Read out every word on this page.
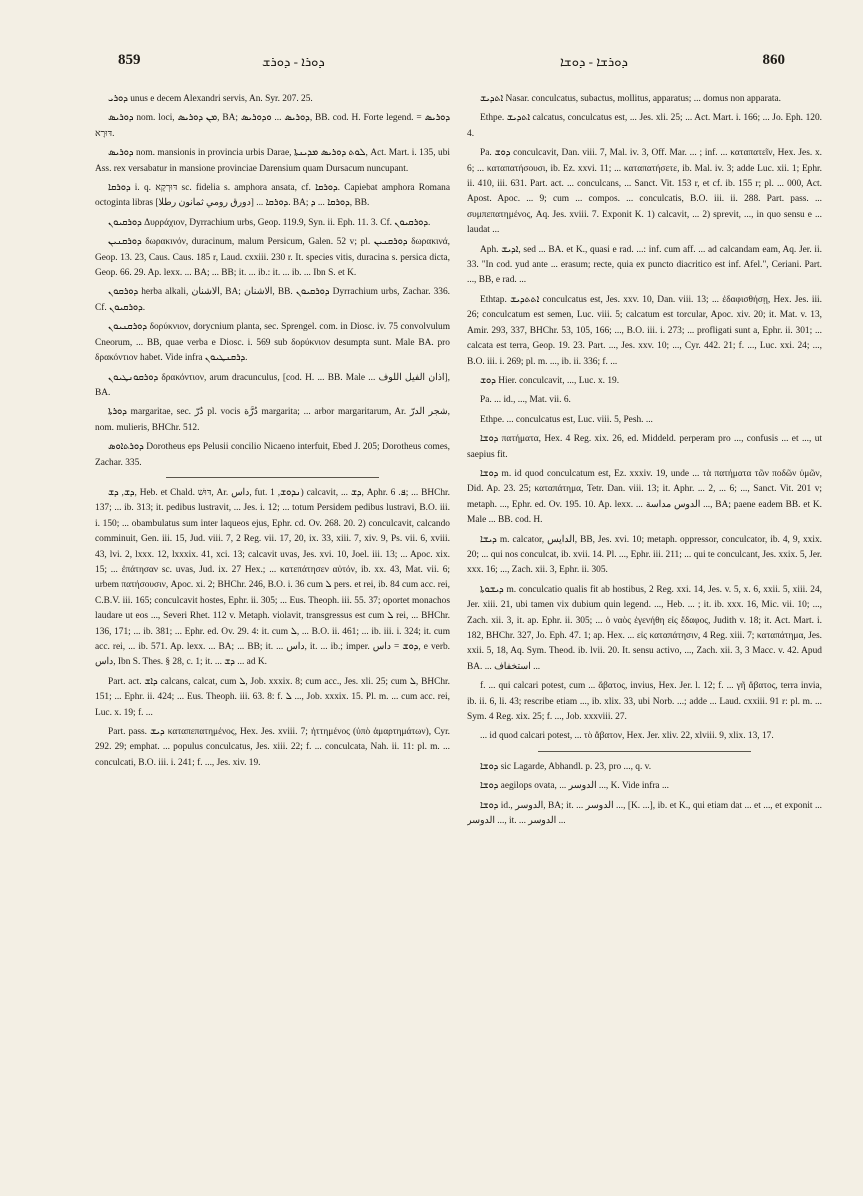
859	ܕܘܪܐ - ܕܘܪܫ	ܕܘܪܫܐ - ܕܘܫܐ	860

ܕܘܪܝ unus e decem Alexandri servis, An. Syr. 207. 25.

ܕܘܪܝܣ nom. loci, ܡܢ ܕܘܪܝܣ, BA; ܕܘܪܝܣ ... ܘܕܘܪܝܣ, BB. cod. H. Forte legend. ܕܘܪܝܣ = דּוּרָא.

ܕܘܪܝܣ nom. mansionis in provincia urbis Darae, ܠܘܬ ܕܘܪܝܣ ܡܕܝܢܬܐ, Act. Mart. i. 135, ubi Ass. rex versabatur in mansione provinciae Darensium quam Dursacum nuncupant.

ܕܘܪܩܐ i. q. דּוּרְקָא sc. fidelia s. amphora ansata, cf. ܕܘܪܩܐ. Capiebat amphora Romana octoginta libras ܕܘܪܩܐ ... [دورق رومي ثمانون رطلا]. BA; ܕܘܪܩܐ ... ܕ, BB.

ܕܘܪܩܝܘܢ Δυρράχιον, Dyrrachium urbs, Geop. 119.9, Syn. ii. Eph. 11. 3. Cf. ܕܘܪܩܝܘܢ.

ܕܘܪܩܢܝܢ δωρακινόν, duracinum, malum Persicum, Galen. 52 v; pl. ܕܘܪܩܢܝܢ δωρακινά, Geop. 13. 23, Caus. Caus. 185 r, Laud. cxxiii. 230 r. It. species vitis, duracina s. persica dicta, Geop. 66. 29. Ap. lexx. ... BA; ... BB; it. ... ib.: it. ... ib. ... Ibn S. et K.

ܕܘܪܩܘܢ herba alkali, الاشنان, BA; الاشنان, BB. ܕܘܪܩܝܘܢ Dyrrachium urbs, Zachar. 336. Cf. ܕܘܪܩܝܘܢ.

ܕܘܪܩܢܝܘܢ δορύκνιον, dorycnium planta, sec. Sprengel. com. in Diosc. iv. 75 convolvulum Cneorum, ... BB, quae verba e Diosc. i. 569 sub δορύκνιον desumpta sunt. Male BA. pro δρακόντιον habet. Vide infra ܕܪܩܢܛܝܘܢ.

ܕܘܪܩܘܢܛܝܘܢ δρακόντιον, arum dracunculus, [cod. H. ... BB. Male ... اذان الفيل اللوف], BA.

ܕܘܪܬܐ margaritae, sec. دُرّ pl. vocis دُرَّة margarita; ... arbor margaritarum, Ar. شجر الدرّ, nom. mulieris, BHChr. 512.

ܕܘܪܬܐܘܣ Dorotheus eps Pelusii concilio Nicaeno interfuit, Ebed J. 205; Dorotheus comes, Zachar. 335.

ܕܫ, ܕܫ, Heb. et Chald. דּוּשׁ, Ar. داس, fut. ܢܕܘܫ, 1) calcavit, ... ܕܫ, Aphr. ܦ. 6; ... BHChr. 137; ... ib. 313; it. pedibus lustravit, ... Jes. i. 12; ... totum Persidem pedibus lustravi, B.O. iii. i. 150; ... obambulatus sum inter laqueos ejus, Ephr. cd. Ov. 268. 20. 2) conculcavit, calcando comminuit, Gen. iii. 15, Jud. viii. 7, 2 Reg. vii. 17, 20, ix. 33, xiii. 7, xiv. 9, Ps. vii. 6, xviii. 43, lvi. 2, lxxx. 12, lxxxix. 41, xci. 13; calcavit uvas, Jes. xvi. 10, Joel. iii. 13; ... Apoc. xix. 15; ... ἐπάτησαν sc. uvas, Jud. ix. 27 Hex.; ... κατεπάτησεν αὐτόν, ib. xx. 43, Mat. vii. 6; urbem πατήσουσιν, Apoc. xi. 2; BHChr. 246, B.O. i. 36 cum ܠ pers. et rei, ib. 84 cum acc. rei, C.B.V. iii. 165; conculcavit hostes, Ephr. ii. 305; ... Eus. Theoph. iii. 55. 37; oportet monachos laudare ut eos ..., Severi Rhet. 112 v. Metaph. violavit, transgressus est cum ܠ rei, ... BHChr. 136, 171; ... ib. 381; ... Ephr. ed. Ov. 29. 4: it. cum ܠ, ... B.O. ii. 461; ... ib. iii. i. 324; it. cum acc. rei, ... ib. 571. Ap. lexx. ... BA; ... BB; it. ... داس, it. ... ib.; imper. ܕܘܫ = داس, e verb. داس, Ibn S. Thes. § 28, c. 1; it. ... ܕܫ ... ad K.

Part. act. ܕܐܫ calcans, calcat, cum ܠ, Job. xxxix. 8; cum acc., Jes. xli. 25; cum ܠ, BHChr. 151; ... Ephr. ii. 424; ... Eus. Theoph. iii. 63. 8: f. ܠ ..., Job. xxxix. 15. Pl. m. ... cum acc. rei, Luc. x. 19; f. ...

Part. pass. ܕܝܫ καταπεπατημένος, Hex. Jes. xviii. 7; ἡττημένος (ὑπὸ ἁμαρτημάτων), Cyr. 292. 29; emphat. ... populus conculcatus, Jes. xiii. 22; f. ... conculcata, Nah. ii. 11: pl. m. ... conculcati, B.O. iii. i. 241; f. ..., Jes. xiv. 19.

ܐܬܕܝܫ Nasar. conculcatus, subactus, mollitus, apparatus; ... domus non apparata.

Ethpe. ܐܬܕܝܫ calcatus, conculcatus est, ... Jes. xli. 25; ... Act. Mart. i. 166; ... Jo. Eph. 120. 4.

Pa. ܕܘܫ conculcavit, Dan. viii. 7, Mal. iv. 3, Off. Mar. ... ; inf. ... καταπατεῖν, Hex. Jes. x. 6; ... καταπατήσουσι, ib. Ez. xxvi. 11; ... καταπατήσετε, ib. Mal. iv. 3; adde Luc. xii. 1; Ephr. ii. 410, iii. 631. Part. act. ... conculcans, ... Sanct. Vit. 153 r, et cf. ib. 155 r; pl. ... 000, Act. Apost. Apoc. ... 9; cum ... compos. ... conculcatis, B.O. iii. ii. 288. Part. pass. ... συμπεπατημένος, Aq. Jes. xviii. 7. Exponit K. 1) calcavit, ... 2) sprevit, ..., in quo sensu e ... laudat ...

Aph. ܐܕܝܫ, sed ... BA. et K., quasi e rad. ...: inf. cum aff. ... ad calcandam eam, Aq. Jer. ii. 33. "In cod. yud ante ... erasum; recte, quia ex puncto diacritico est inf. Afel.", Ceriani. Part. ..., BB, e rad. ...

Ethtap. ܐܬܬܕܝܫ conculcatus est, Jes. xxv. 10, Dan. viii. 13; ... ἐδαφισθήσῃ, Hex. Jes. iii. 26; conculcatum est semen, Luc. viii. 5; calcatum est torcular, Apoc. xiv. 20; it. Mat. v. 13, Amir. 293, 337, BHChr. 53, 105, 166; ..., B.O. iii. i. 273; ... profligati sunt a, Ephr. ii. 301; ... calcata est terra, Geop. 19. 23. Part. ..., Jes. xxv. 10; ..., Cyr. 442. 21; f. ..., Luc. xxi. 24; ..., B.O. iii. i. 269; pl. m. ..., ib. ii. 336; f. ...

ܕܘܫ Hier. conculcavit, ..., Luc. x. 19.

Pa. ... id., ..., Mat. vii. 6.

Ethpe. ... conculcatus est, Luc. viii. 5, Pesh. ...

ܕܘܫܐ πατήματα, Hex. 4 Reg. xix. 26, ed. Middeld. perperam pro ..., confusis ... et ..., ut saepius fit.

ܕܘܫܐ m. id quod conculcatum est, Ez. xxxiv. 19, unde ... τὰ πατήματα τῶν ποδῶν ὑμῶν, Did. Ap. 23. 25; καταπάτημα, Tetr. Dan. viii. 13; it. Aphr. ... 2, ... 6; ..., Sanct. Vit. 201 v; metaph. ..., Ephr. ed. Ov. 195. 10. Ap. lexx. ... الدوس مداسة ..., BA; paene eadem BB. et K. Male ... BB. cod. H.

ܕܝܫܐ m. calcator, الدايس, BB, Jes. xvi. 10; metaph. oppressor, conculcator, ib. 4, 9, xxix. 20; ... qui nos conculcat, ib. xvii. 14. Pl. ..., Ephr. iii. 211; ... qui te conculcant, Jes. xxix. 5, Jer. xxx. 16; ..., Zach. xii. 3, Ephr. ii. 305.

ܕܝܫܘܬܐ m. conculcatio qualis fit ab hostibus, 2 Reg. xxi. 14, Jes. v. 5, x. 6, xxii. 5, xiii. 24, Jer. xiii. 21, ubi tamen vix dubium quin legend. ..., Heb. ... ; it. ib. xxx. 16, Mic. vii. 10; ..., Zach. xii. 3, it. ap. Ephr. ii. 305; ... ὁ ναὸς ἐγενήθη εἰς ἔδαφος, Judith v. 18; it. Act. Mart. i. 182, BHChr. 327, Jo. Eph. 47. 1; ap. Hex. ... εἰς καταπάτησιν, 4 Reg. xiii. 7; καταπάτημα, Jes. xxii. 5, 18, Aq. Sym. Theod. ib. lvii. 20. It. sensu activo, ..., Zach. xii. 3, 3 Macc. v. 42. Apud BA. ... استخفاف ...

f. ... qui calcari potest, cum ... ἄβατος, invius, Hex. Jer. l. 12; f. ... γῆ ἄβατος, terra invia, ib. ii. 6, li. 43; rescribe etiam ..., ib. xlix. 33, ubi Norb. ...; adde ... Laud. cxxiii. 91 r: pl. m. ... Sym. 4 Reg. xix. 25; f. ..., Job. xxxviii. 27.

... id quod calcari potest, ... τὸ ἄβατον, Hex. Jer. xliv. 22, xlviii. 9, xlix. 13, 17.

ܕܘܫܐ sic Lagarde, Abhandl. p. 23, pro ..., q. v.

ܕܘܫܐ aegilops ovata, ... الدوسر ..., K. Vide infra ...

ܕܘܫܐ id., الدوسر, BA; it. ... الدوسر ..., [K. ...], ib. et K., qui etiam dat ... et ..., et exponit ... الدوسر ..., it. ... الدوسر ...
